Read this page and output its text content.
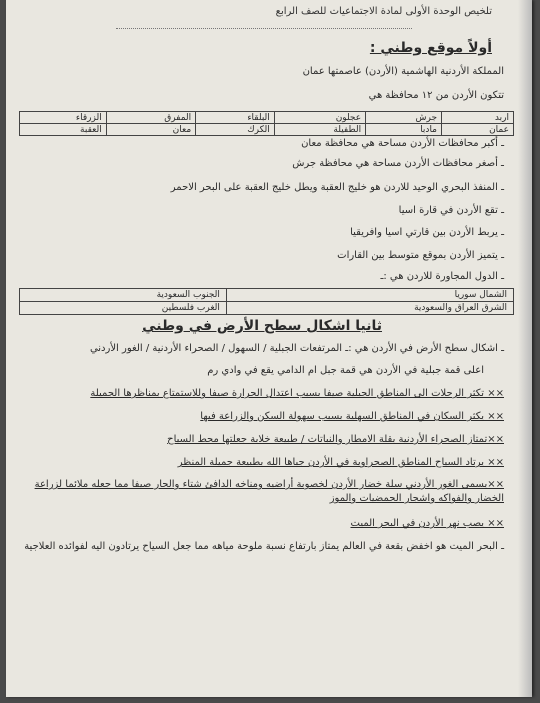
تلخيص الوحدة الأولى لمادة الاجتماعيات للصف الرابع
أولاً موقع وطني :
المملكة الأردنية الهاشمية (الأردن) عاصمتها عمان
تتكون الأردن من ١٢ محافظة هي
اربد	جرش	عجلون	البلقاء	المفرق	الزرقاء
عمان	مادبا	الطفيلة	الكرك	معان	العقبة
ـ أكبر محافظات الأردن مساحة هي محافظة معان
ـ أصغر محافظات الأردن مساحة هي محافظة جرش
ـ المنفذ البحري الوحيد للاردن هو خليج العقبة ويطل خليج العقبة على البحر الاحمر
ـ تقع الأردن في قارة اسيا
ـ يربط الأردن بين قارتي اسيا وافريقيا
ـ يتميز الأردن بموقع متوسط بين القارات
ـ الدول المجاورة للاردن هي :ـ
الشمال سوريا	الجنوب السعودية
الشرق العراق والسعودية	الغرب فلسطين
ثانيا اشكال سطح الأرض في وطني
ـ اشكال سطح الأرض في الأردن هي :ـ المرتفعات الجبلية / السهول / الصحراء الأردنية / الغور الأردني
اعلى قمة جبلية في الأردن هي قمة جبل ام الدامي يقع في وادي رم
×× تكثر الرحلات الى المناطق الجبلية صيفا بسبب اعتدال الحرارة صيفا وللاستمتاع بمناظرها الجميلة
×× يكثر السكان في المناطق السهلية بسبب سهولة السكن والزراعة فيها
××تمتاز الصحراء الأردنية بقلة الامطار والنباتات / طبيعة خلابة جعلتها محط السياح
×× يرتاد السياح المناطق الصحراوية في الأردن جباها الله بطبيعة جميلة المنظر
××يسمى الغور الأردني سلة خضار الأردن لخصوبة أراضيه ومناخه الدافئ شتاء والحار صيفا مما جعله ملائما لزراعة الخضار والفواكه واشجار الحمضيات والموز
×× يصب نهر الأردن في البحر الميت
ـ البحر الميت هو اخفض بقعة في العالم يمتاز بارتفاع نسبة ملوحة مياهه مما جعل السياح يرتادون اليه لفوائده العلاجية
